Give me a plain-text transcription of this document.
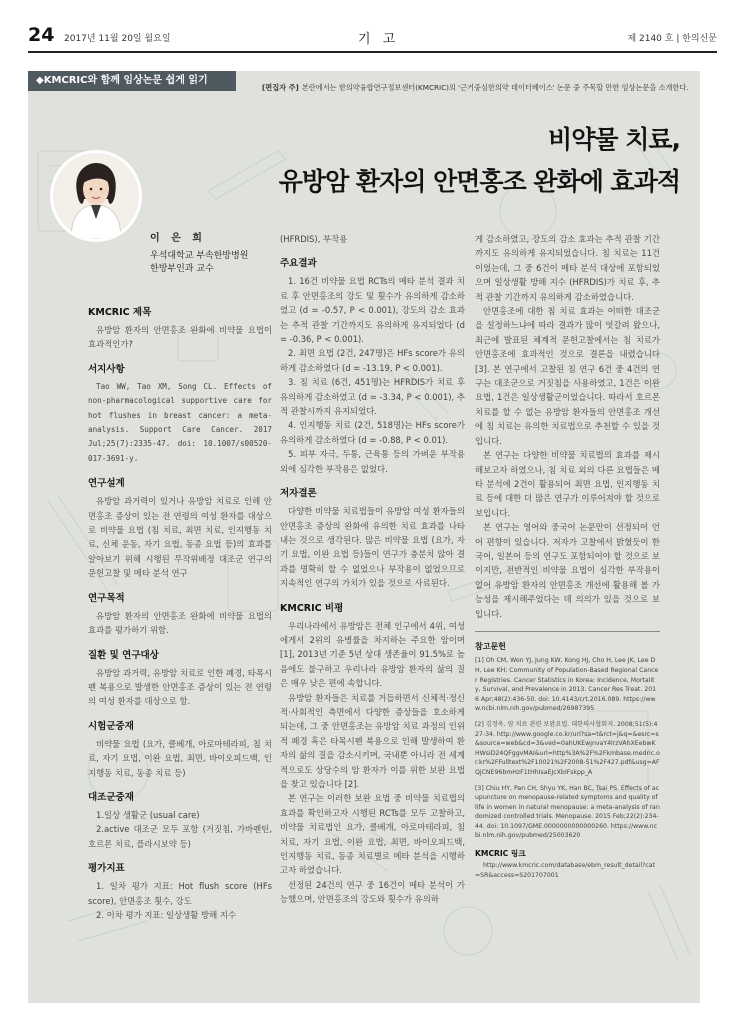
24 2017년 11월 20일 월요일	기 고	제 2140 호 | 한의신문
◆KMCRIC와 함께 임상논문 쉽게 읽기
[편집자 주] 본란에서는 한의약융합연구정보센터(KMCRIC)의 '근거중심한의약 데이터베이스' 논문 중 주목할 만한 임상논문을 소개한다.
비약물 치료,
유방암 환자의 안면홍조 완화에 효과적
이 은 희
우석대학교 부속한방병원
한방부인과 교수
KMCRIC 제목

유방암 환자의 안면홍조 완화에 비약물 요법이 효과적인가?

서지사항

Tao WW, Tao XM, Song CL. Effects of non-pharmacological supportive care for hot flushes in breast cancer: a meta-analysis. Support Care Cancer. 2017 Jul;25(7):2335-47. doi: 10.1007/s00520-017-3691-y.

연구설계

유방암 과거력이 있거나 유방암 치료로 인해 안면홍조 증상이 있는 전 연령의 여성 환자를 대상으로 비약물 요법 (침 치료, 최면 치료, 인지행동 치료, 신체 운동, 자기 요법, 동종 요법 등)의 효과를 알아보기 위해 시행된 무작위배정 대조군 연구의 문헌고찰 및 메타 분석 연구

연구목적

유방암 환자의 안면홍조 완화에 비약물 요법의 효과를 평가하기 위함.

질환 및 연구대상

유방암 과거력, 유방암 치료로 인한 폐경, 타목시펜 복용으로 발생한 안면홍조 증상이 있는 전 연령의 여성 환자를 대상으로 함.

시험군중재

비약물 요법 (요가, 클베개, 아로마테라피, 침 치료, 자기 요법, 이완 요법, 최면, 바이오피드백, 인지행동 치료, 동종 치료 등)

대조군중재

1.일상 생활군 (usual care)

2.active 대조군 모두 포함 (거짓침, 가바펜틴, 호르몬 치료, 플라시보약 등)

평가지표

1. 일차 평가 지표: Hot flush score (HFs score), 안면홍조 횟수, 강도

2. 이차 평가 지표: 일상생활 방해 지수

(HFRDIS), 부작용

주요결과

1. 16건 비약물 요법 RCTs의 메타 분석 결과 치료 후 안면홍조의 강도 및 횟수가 유의하게 감소하였고 (d = -0.57, P < 0.001), 강도의 감소 효과는 추적 관찰 기간까지도 유의하게 유지되었다 (d = -0.36, P < 0.001).

2. 최면 요법 (2건, 247명)은 HFs score가 유의하게 감소하였다 (d = -13.19, P < 0.001).

3. 침 치료 (6건, 451명)는 HFRDIS가 치료 후 유의하게 감소하였고 (d = -3.34, P < 0.001), 추적 관찰시까지 유지되었다.

4. 인지행동 치료 (2건, 518명)는 HFs score가 유의하게 감소하였다 (d = -0.88, P < 0.01).

5. 피부 자극, 두통, 근육통 등의 가벼운 부작용 외에 심각한 부작용은 없었다.

저자결론

다양한 비약물 치료법들이 유방암 여성 환자들의 안면홍조 증상의 완화에 유의한 치료 효과를 나타내는 것으로 생각된다. 많은 비약물 요법 (요가, 자기 요법, 이완 요법 등)들이 연구가 충분치 않아 결과를 명확히 할 수 없었으나 부작용이 없었으므로 지속적인 연구의 가치가 있을 것으로 사료된다.

KMCRIC 비평

우리나라에서 유방암은 전체 인구에서 4위, 여성에게서 2위의 유병률을 차지하는 주요한 암이며 [1], 2013년 기준 5년 상대 생존율이 91.5%로 높음에도 불구하고 우리나라 유방암 환자의 삶의 질은 매우 낮은 편에 속합니다.

유방암 환자들은 치료를 거듭하면서 신체적·정신적·사회적인 측면에서 다양한 증상들을 호소하게 되는데, 그 중 안면홍조는 유방암 치료 과정의 인위적 폐경 혹은 타목시펜 복용으로 인해 발생하여 환자의 삶의 질을 감소시키며, 국내뿐 아니라 전 세계적으로도 상당수의 암 환자가 이를 위한 보완 요법을 찾고 있습니다 [2].

본 연구는 이러한 보완 요법 중 비약물 치료법의 효과를 확인하고자 시행된 RCTs를 모두 고찰하고, 비약물 치료법인 요가, 클베개, 아로마테라피, 침 치료, 자기 요법, 이완 요법, 최면, 바이오피드백, 인지행동 치료, 동종 치료별로 메타 분석을 시행하고자 하였습니다.

선정된 24건의 연구 중 16건이 메타 분석이 가능했으며, 안면홍조의 강도와 횟수가 유의하

게 감소하였고, 강도의 감소 효과는 추적 관찰 기간까지도 유의하게 유지되었습니다. 침 치료는 11건이었는데, 그 중 6건이 메타 분석 대상에 포함되었으며 일상생활 방해 지수 (HFRDIS)가 치료 후, 추적 관찰 기간까지 유의하게 감소하였습니다.

안면홍조에 대한 침 치료 효과는 어떠한 대조군을 설정하느냐에 따라 결과가 많이 엇갈려 왔으나, 최근에 발표된 체계적 문헌고찰에서는 침 치료가 안면홍조에 효과적인 것으로 결론을 내렸습니다 [3]. 본 연구에서 고찰된 침 연구 6건 중 4건의 연구는 대조군으로 거짓침을 사용하였고, 1건은 이완 요법, 1건은 일상생활군이었습니다. 따라서 호르몬 치료를 할 수 없는 유방암 환자들의 안면홍조 개선에 침 치료는 유의한 치료법으로 추천할 수 있을 것입니다.

본 연구는 다양한 비약물 치료법의 효과를 제시해보고자 하였으나, 침 치료 외의 다른 요법들은 메타 분석에 2건이 활용되어 최면 요법, 인지행동 치료 등에 대한 더 많은 연구가 이루어져야 할 것으로 보입니다.

본 연구는 영어와 중국어 논문만이 선정되어 언어 편향이 있습니다. 저자가 고찰에서 밝혔듯이 한국어, 일본어 등의 연구도 포함되어야 할 것으로 보이지만, 전반적인 비약물 요법이 심각한 부작용이 없어 유방암 환자의 안면홍조 개선에 활용해 볼 가능성을 제시해주었다는 데 의의가 있을 것으로 보입니다.

참고문헌

[1] Oh CM, Won YJ, Jung KW, Kong HJ, Cho H, Lee JK, Lee DH, Lee KH; Community of Population-Based Regional Cancer Registries. Cancer Statistics in Korea: Incidence, Mortality, Survival, and Prevalence in 2013. Cancer Res Treat. 2016 Apr;48(2):436-50. doi: 10.4143/crt.2016.089. https://www.ncbi.nlm.nih.gov/pubmed/26987395

[2] 김정욱. 암 치료 관련 보완요법. 대한의사협회지. 2008;51(5):427-34. http://www.google.co.kr/url?sa=t&rct=j&q=&esrc=s&source=web&cd=3&ved=0ahUKEwjnvaY4lrzVAhXEebwKHWsiD24QFggvMAI&url=http%3A%2F%2Fkmbase.medric.or.kr%2FFulltext%2F10021%2F2008-51%2F427.pdf&usg=AFQjCNE96bmHzF1tHhIsaEJcXbIFskpp_A

[3] Chiu HY, Pan CH, Shyu YK, Han BC, Tsai PS. Effects of acupuncture on menopause-related symptoms and quality of life in women in natural menopause: a meta-analysis of randomized controlled trials. Menopause. 2015 Feb;22(2):234-44. doi: 10.1097/GME.0000000000000260. https://www.ncbi.nlm.nih.gov/pubmed/25003620

KMCRIC 링크

http://www.kmcric.com/database/ebm_result_detail?cat=SR&access=S201707001
